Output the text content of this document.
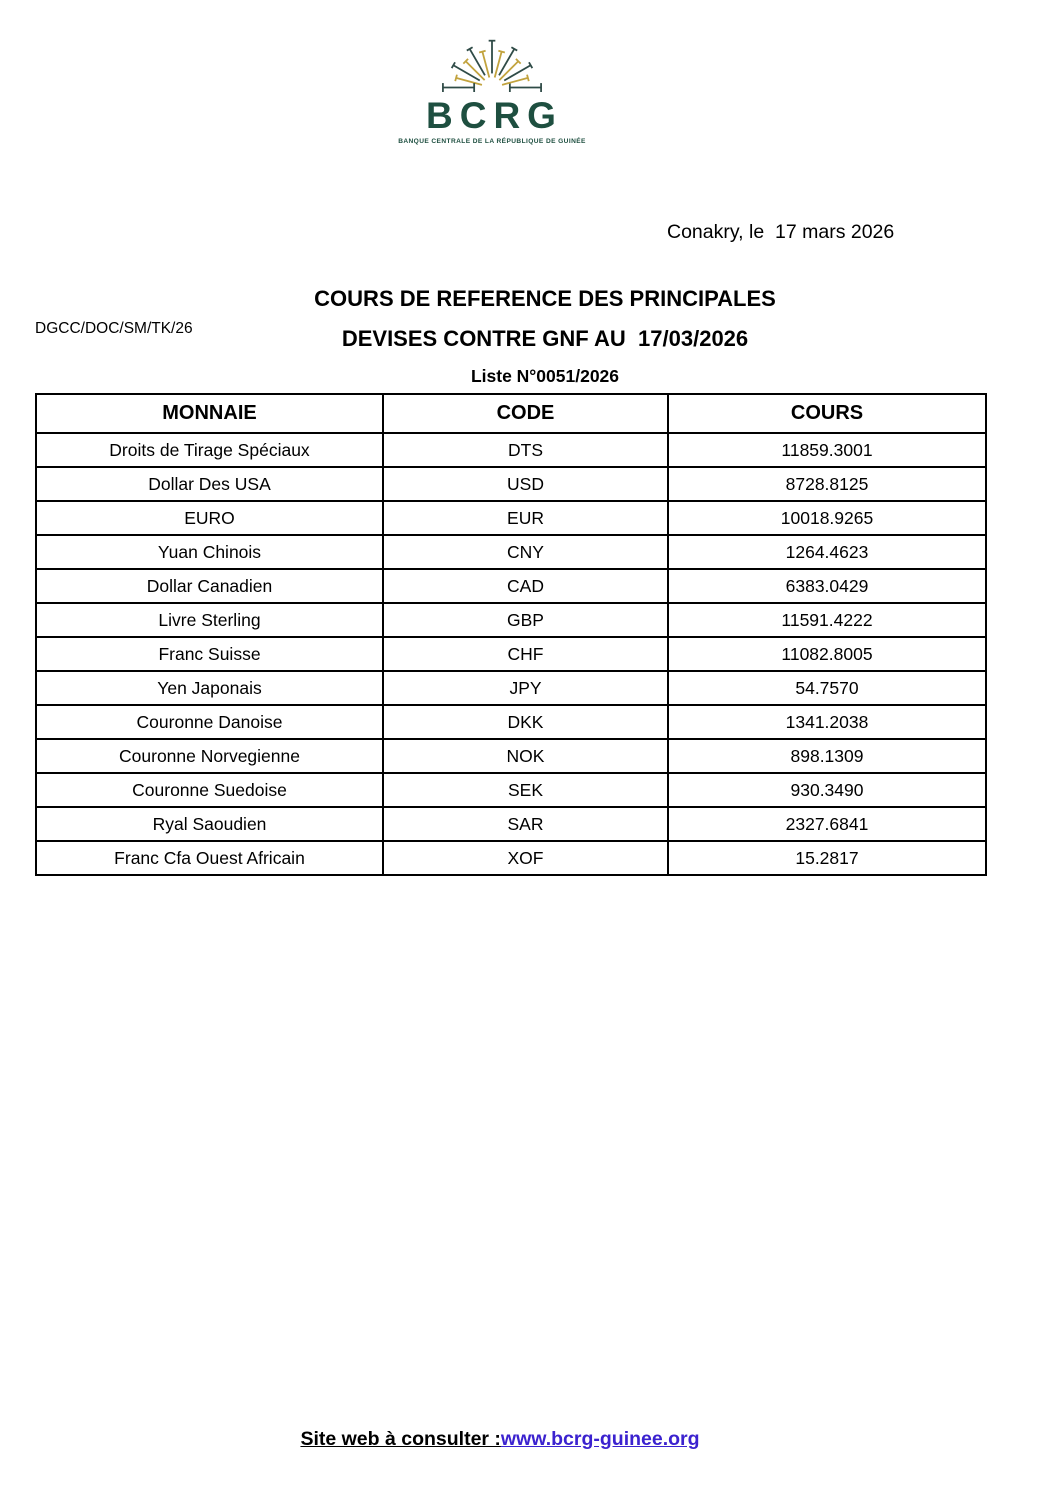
BCRG
BANQUE CENTRALE DE LA RÉPUBLIQUE DE GUINÉE
Conakry, le  17 mars 2026
DGCC/DOC/SM/TK/26
COURS DE REFERENCE DES PRINCIPALES
DEVISES CONTRE GNF AU  17/03/2026
Liste N°0051/2026
MONNAIE	CODE	COURS
Droits de Tirage Spéciaux	DTS	11859.3001
Dollar Des USA	USD	8728.8125
EURO	EUR	10018.9265
Yuan Chinois	CNY	1264.4623
Dollar Canadien	CAD	6383.0429
Livre Sterling	GBP	11591.4222
Franc Suisse	CHF	11082.8005
Yen Japonais	JPY	54.7570
Couronne Danoise	DKK	1341.2038
Couronne Norvegienne	NOK	898.1309
Couronne Suedoise	SEK	930.3490
Ryal Saoudien	SAR	2327.6841
Franc Cfa Ouest Africain	XOF	15.2817
Site web à consulter :www.bcrg-guinee.org
